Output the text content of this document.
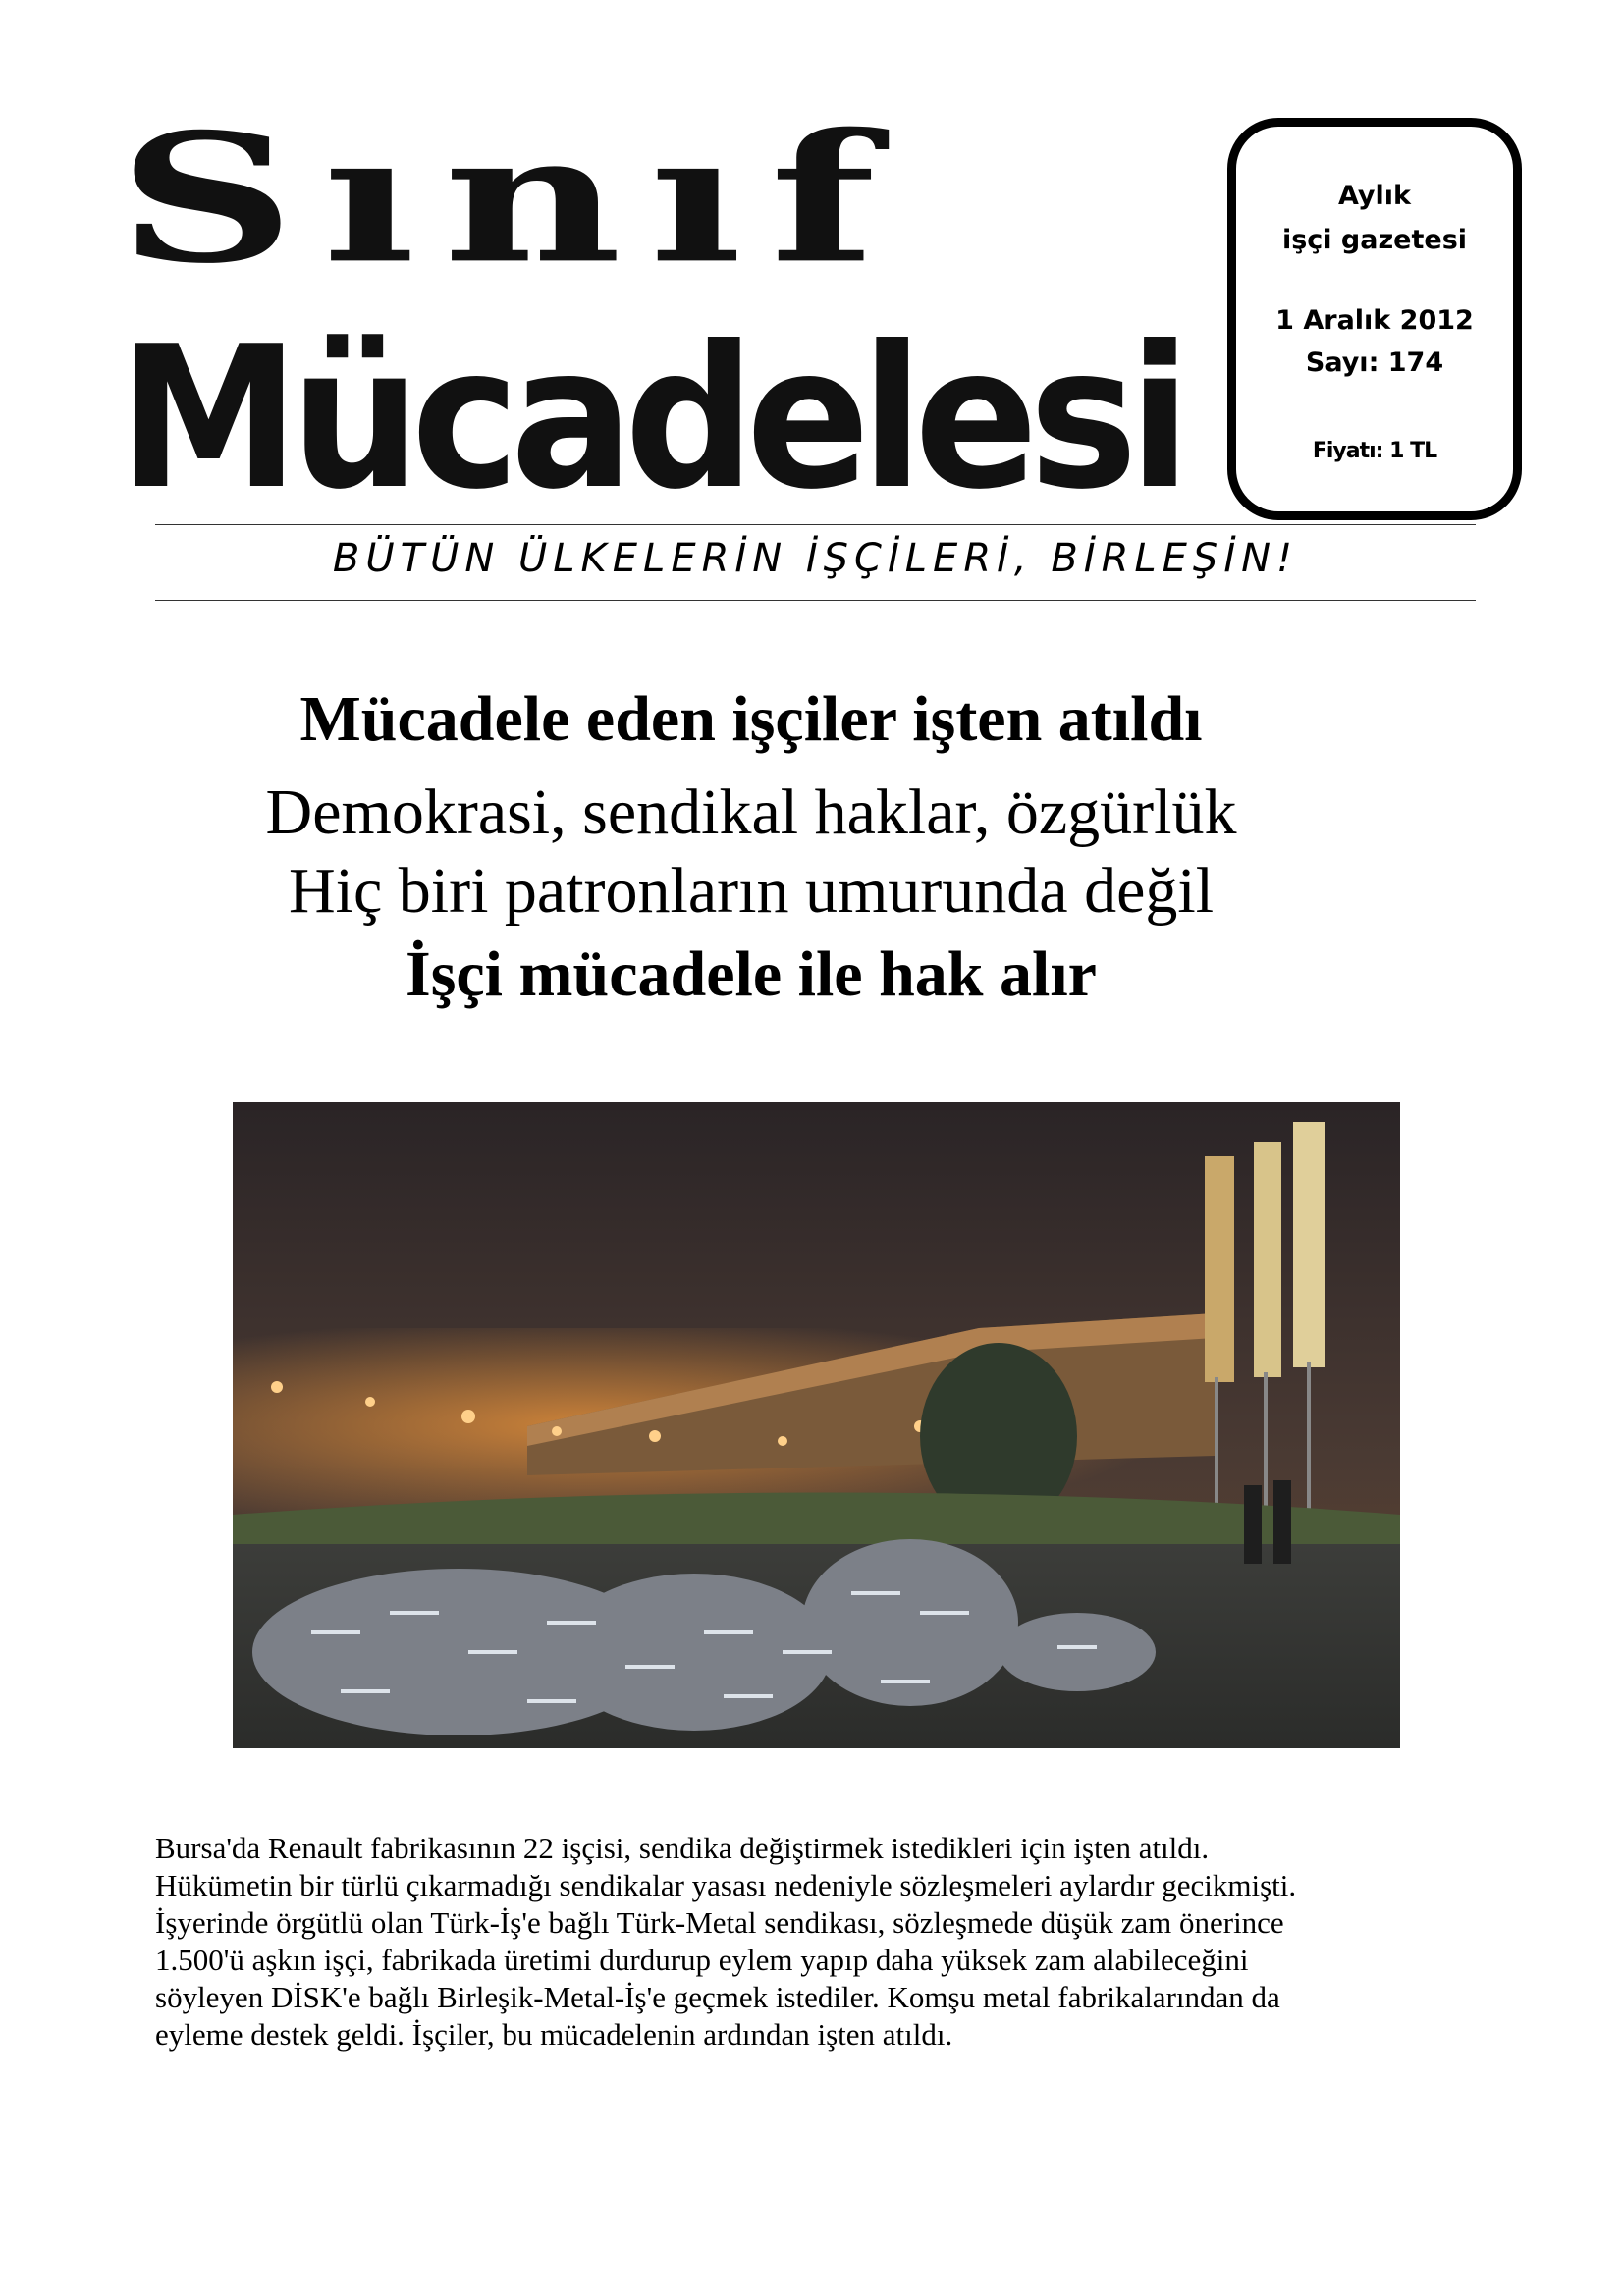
Sınıf
Mücadelesi
Aylık
işçi gazetesi
1 Aralık 2012
Sayı: 174
Fiyatı: 1 TL
BÜTÜN ÜLKELERİN İŞÇİLERİ, BİRLEŞİN!
Mücadele eden işçiler işten atıldı
Demokrasi, sendikal haklar, özgürlük
Hiç biri patronların umurunda değil
İşçi mücadele ile hak alır
Bursa'da Renault fabrikasının 22 işçisi, sendika değiştirmek istedikleri için işten atıldı.
Hükümetin bir türlü çıkarmadığı sendikalar yasası nedeniyle sözleşmeleri aylardır gecikmişti.
İşyerinde örgütlü olan Türk-İş'e bağlı Türk-Metal sendikası, sözleşmede düşük zam önerince
1.500'ü aşkın işçi, fabrikada üretimi durdurup eylem yapıp daha yüksek zam alabileceğini
söyleyen DİSK'e bağlı Birleşik-Metal-İş'e geçmek istediler. Komşu metal fabrikalarından da
eyleme destek geldi. İşçiler, bu mücadelenin ardından işten atıldı.
